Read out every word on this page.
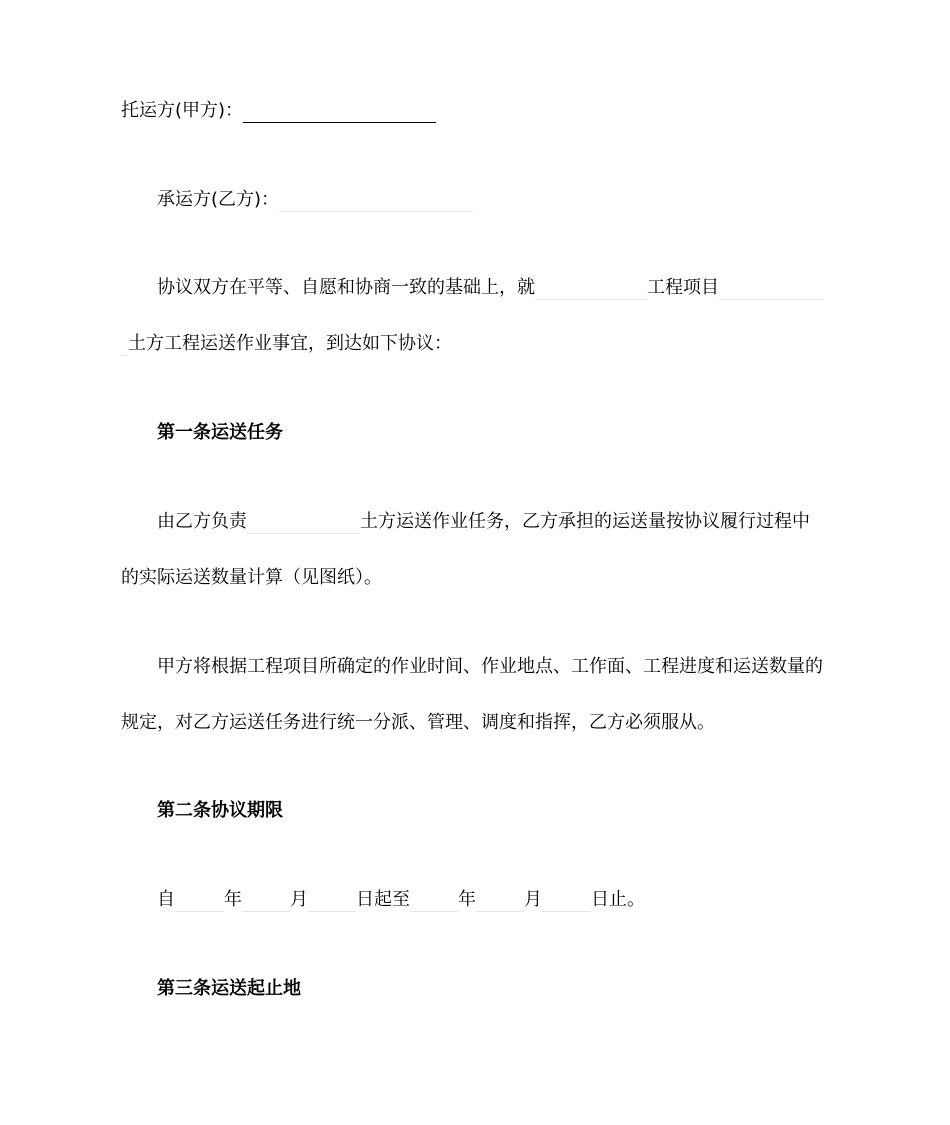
托运方(甲方)：
承运方(乙方)：
协议双方在平等、自愿和协商一致的基础上，就	工程项目
土方工程运送作业事宜，到达如下协议：
第一条运送任务
由乙方负责	土方运送作业任务，乙方承担的运送量按协议履行过程中
的实际运送数量计算（见图纸）。
甲方将根据工程项目所确定的作业时间、作业地点、工作面、工程进度和运送数量的
规定，对乙方运送任务进行统一分派、管理、调度和指挥，乙方必须服从。
第二条协议期限
自	年	月	日起至	年	月	日止。
第三条运送起止地
